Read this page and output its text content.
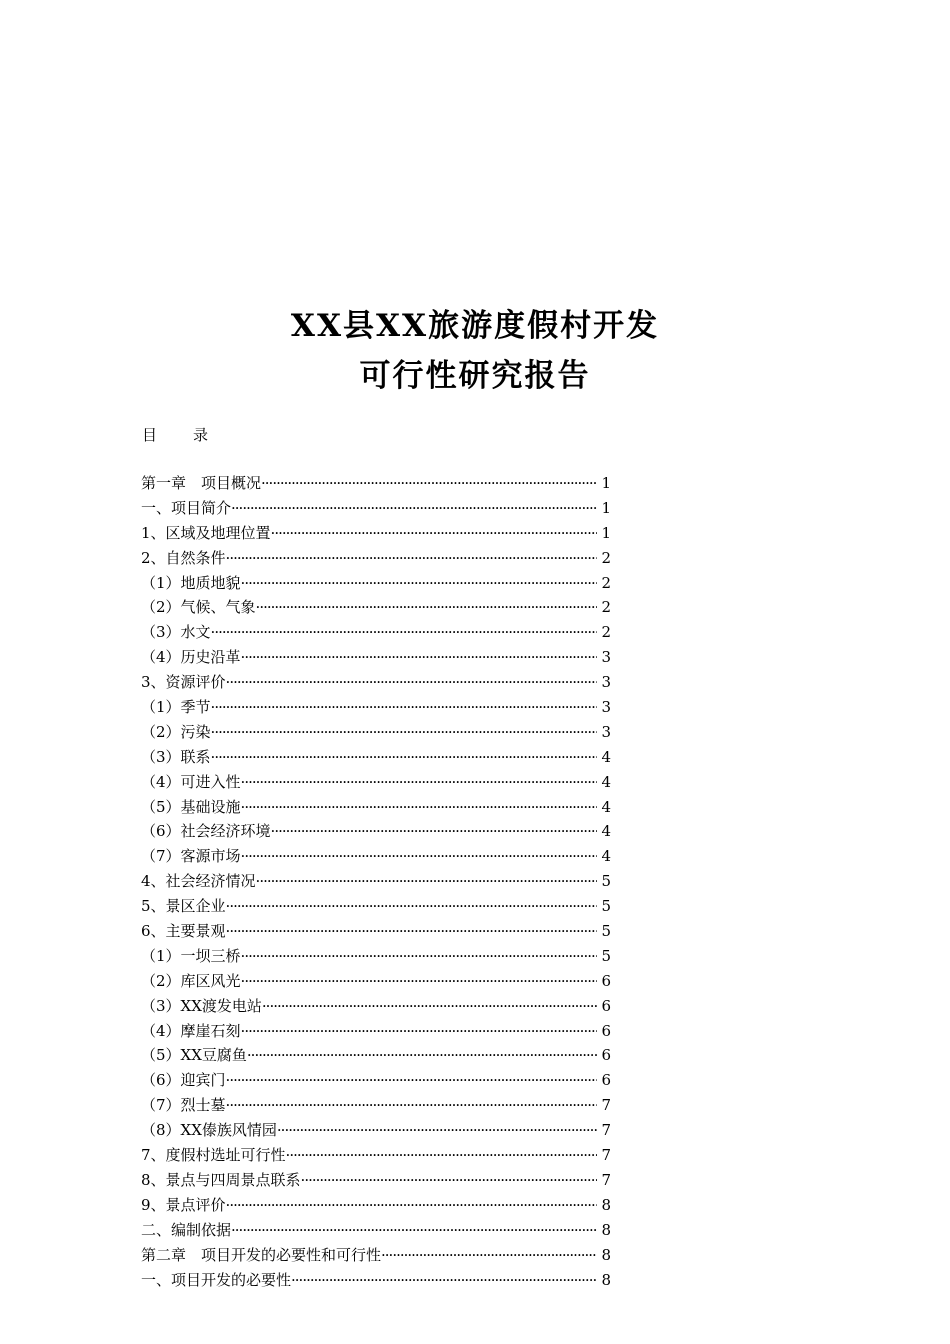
XX县XX旅游度假村开发
可行性研究报告
目 录
第一章　项目概况 ·····	1
一、项目简介 ·····	1
1、区域及地理位置 ·····	1
2、自然条件 ·····	2
（1）地质地貌 ·····	2
（2）气候、气象 ·····	2
（3）水文 ·····	2
（4）历史沿革 ·····	3
3、资源评价 ·····	3
（1）季节 ·····	3
（2）污染 ·····	3
（3）联系 ·····	4
（4）可进入性 ·····	4
（5）基础设施 ·····	4
（6）社会经济环境 ·····	4
（7）客源市场 ·····	4
4、社会经济情况 ·····	5
5、景区企业 ·····	5
6、主要景观 ·····	5
（1）一坝三桥 ·····	5
（2）库区风光 ·····	6
（3）XX渡发电站 ·····	6
（4）摩崖石刻 ·····	6
（5）XX豆腐鱼 ·····	6
（6）迎宾门 ·····	6
（7）烈士墓 ·····	7
（8）XX傣族风情园 ·····	7
7、度假村选址可行性 ·····	7
8、景点与四周景点联系 ·····	7
9、景点评价 ·····	8
二、编制依据 ·····	8
第二章　项目开发的必要性和可行性 ·····	8
一、项目开发的必要性 ·····	8
